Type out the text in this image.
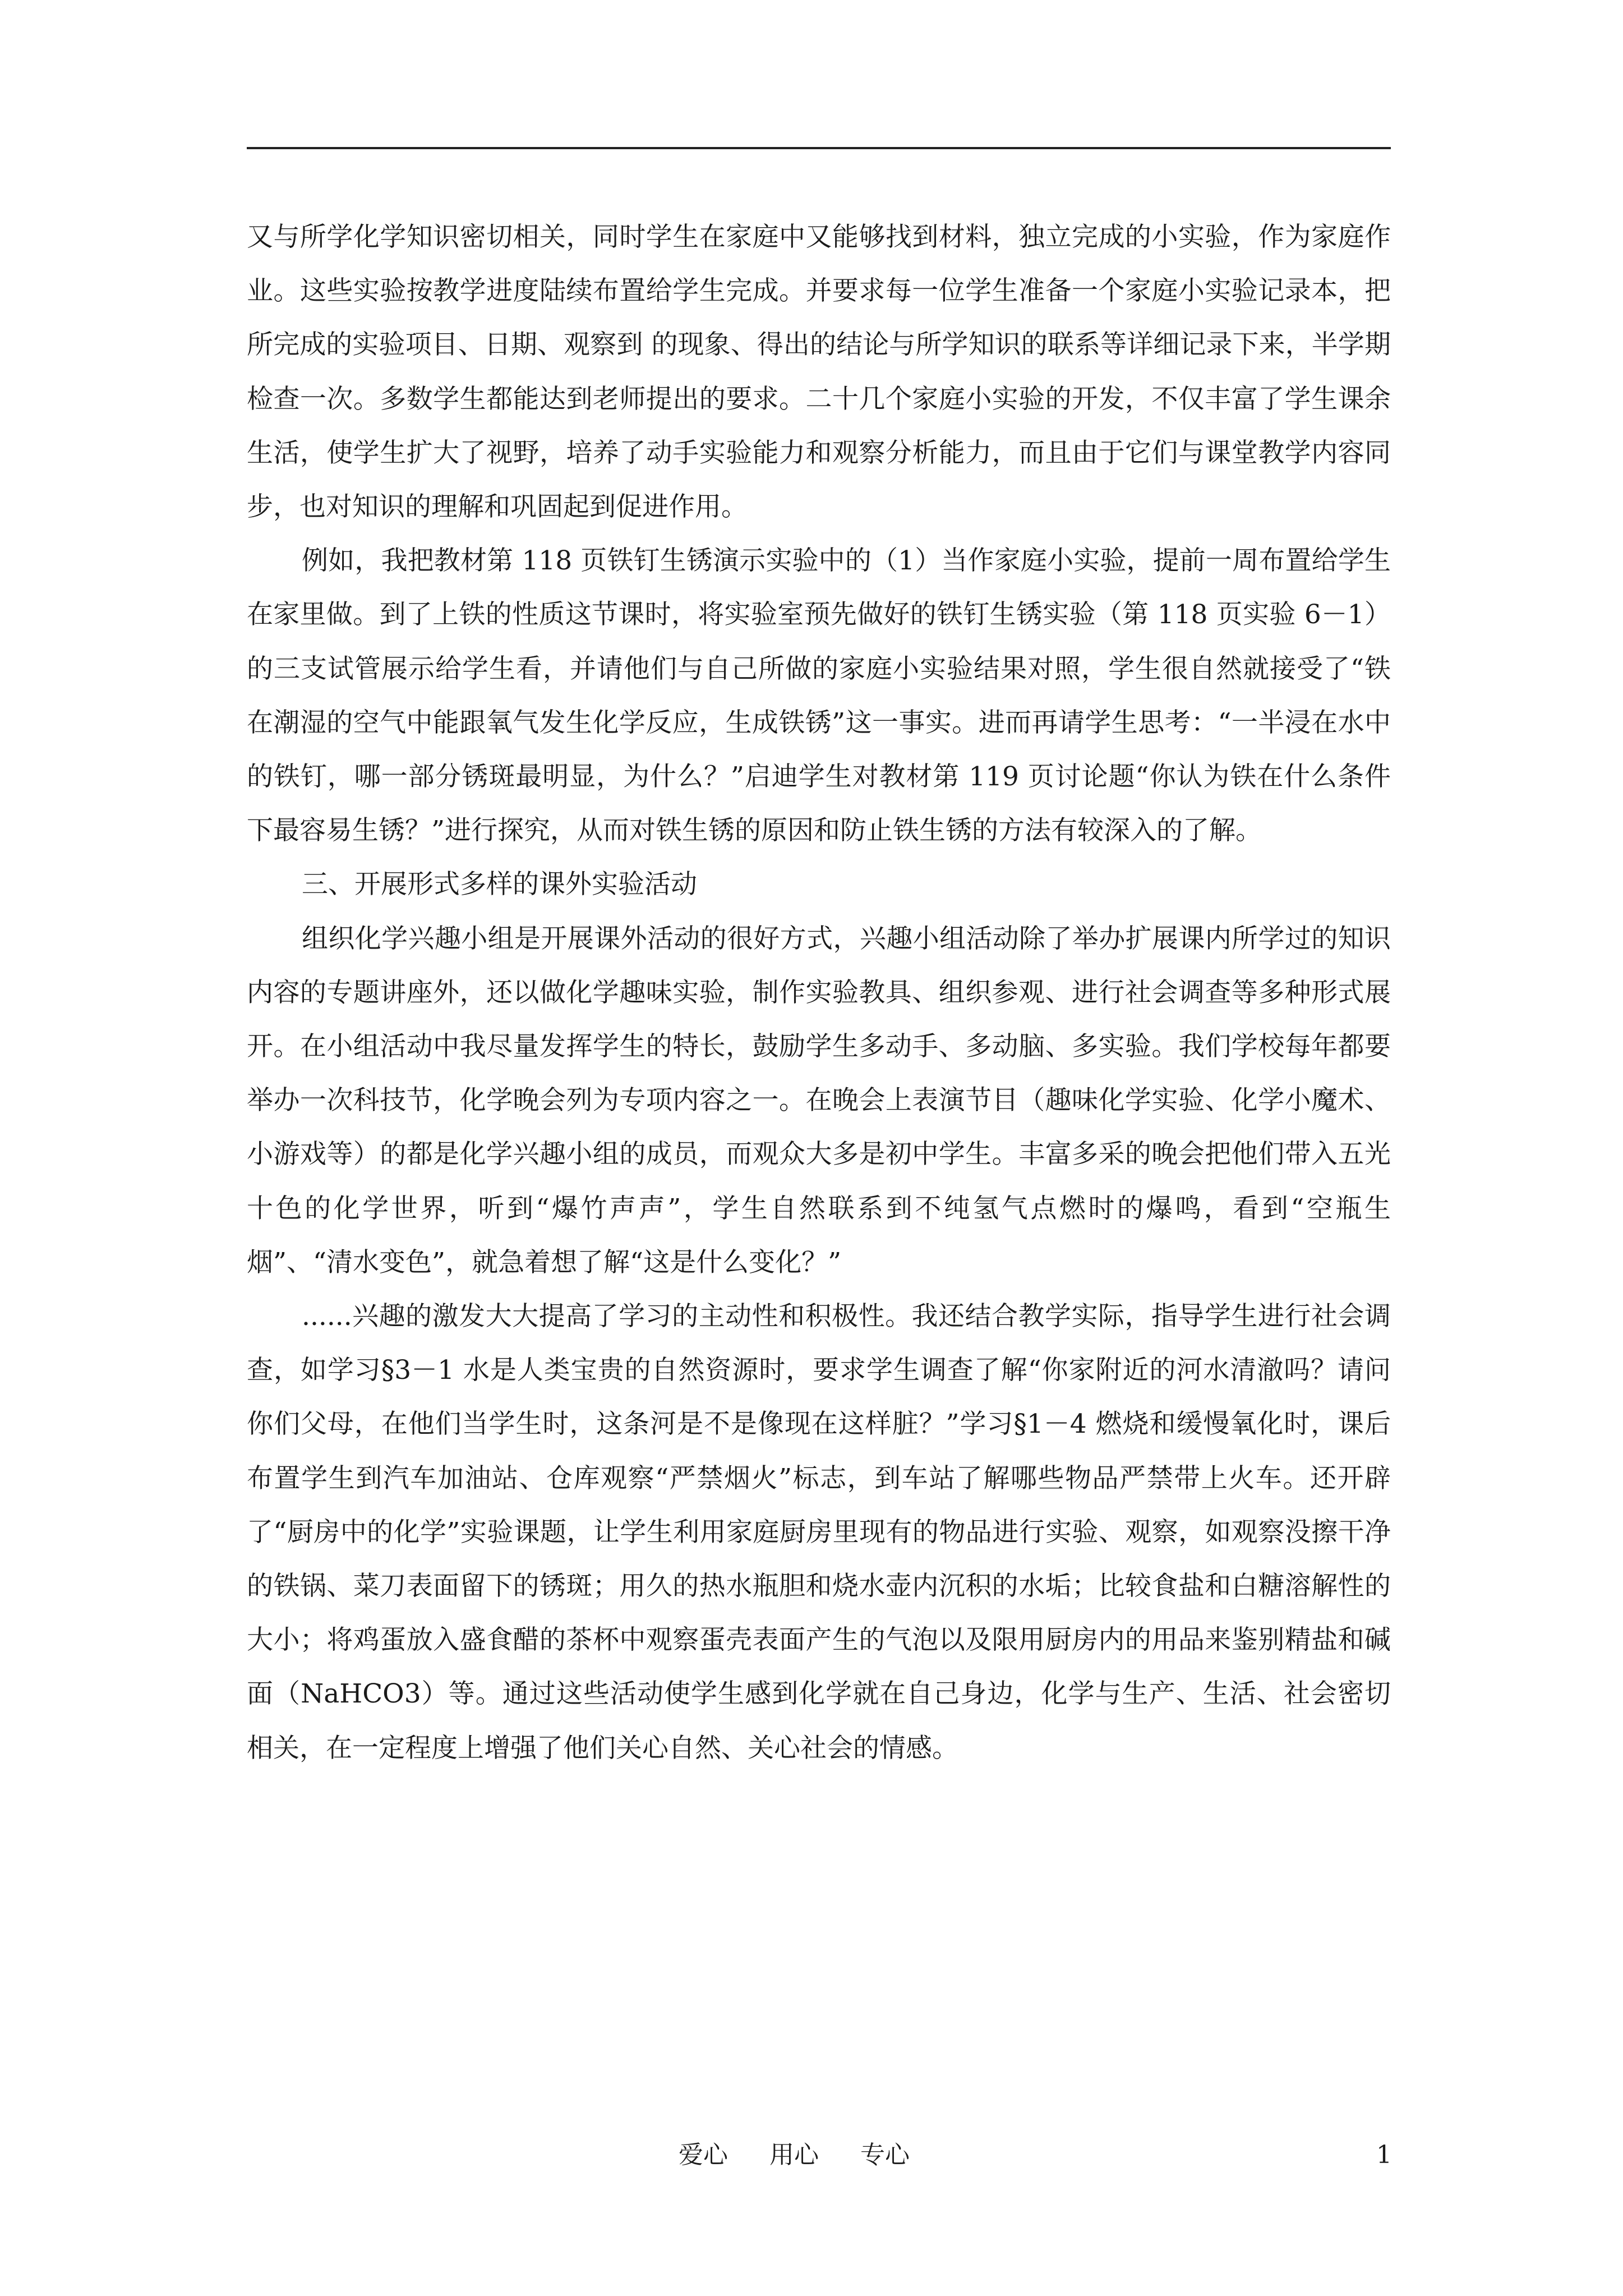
又与所学化学知识密切相关，同时学生在家庭中又能够找到材料，独立完成的小实验，作为家庭作业。这些实验按教学进度陆续布置给学生完成。并要求每一位学生准备一个家庭小实验记录本，把所完成的实验项目、日期、观察到 的现象、得出的结论与所学知识的联系等详细记录下来，半学期检查一次。多数学生都能达到老师提出的要求。二十几个家庭小实验的开发，不仅丰富了学生课余生活，使学生扩大了视野，培养了动手实验能力和观察分析能力，而且由于它们与课堂教学内容同步，也对知识的理解和巩固起到促进作用。

例如，我把教材第 118 页铁钉生锈演示实验中的（1）当作家庭小实验，提前一周布置给学生在家里做。到了上铁的性质这节课时，将实验室预先做好的铁钉生锈实验（第 118 页实验 6－1）的三支试管展示给学生看，并请他们与自己所做的家庭小实验结果对照，学生很自然就接受了“铁在潮湿的空气中能跟氧气发生化学反应，生成铁锈”这一事实。进而再请学生思考：“一半浸在水中的铁钉，哪一部分锈斑最明显，为什么？”启迪学生对教材第 119 页讨论题“你认为铁在什么条件下最容易生锈？”进行探究，从而对铁生锈的原因和防止铁生锈的方法有较深入的了解。

三、开展形式多样的课外实验活动

组织化学兴趣小组是开展课外活动的很好方式，兴趣小组活动除了举办扩展课内所学过的知识内容的专题讲座外，还以做化学趣味实验，制作实验教具、组织参观、进行社会调查等多种形式展开。在小组活动中我尽量发挥学生的特长，鼓励学生多动手、多动脑、多实验。我们学校每年都要举办一次科技节，化学晚会列为专项内容之一。在晚会上表演节目（趣味化学实验、化学小魔术、小游戏等）的都是化学兴趣小组的成员，而观众大多是初中学生。丰富多采的晚会把他们带入五光十色的化学世界，听到“爆竹声声”，学生自然联系到不纯氢气点燃时的爆鸣，看到“空瓶生烟”、“清水变色”，就急着想了解“这是什么变化？”

......兴趣的激发大大提高了学习的主动性和积极性。我还结合教学实际，指导学生进行社会调查，如学习§3－1 水是人类宝贵的自然资源时，要求学生调查了解“你家附近的河水清澈吗？请问你们父母，在他们当学生时，这条河是不是像现在这样脏？”学习§1－4 燃烧和缓慢氧化时，课后布置学生到汽车加油站、仓库观察“严禁烟火”标志，到车站了解哪些物品严禁带上火车。还开辟了“厨房中的化学”实验课题，让学生利用家庭厨房里现有的物品进行实验、观察，如观察没擦干净的铁锅、菜刀表面留下的锈斑；用久的热水瓶胆和烧水壶内沉积的水垢；比较食盐和白糖溶解性的大小；将鸡蛋放入盛食醋的茶杯中观察蛋壳表面产生的气泡以及限用厨房内的用品来鉴别精盐和碱面（NaHCO3）等。通过这些活动使学生感到化学就在自己身边，化学与生产、生活、社会密切相关，在一定程度上增强了他们关心自然、关心社会的情感。

爱心 用心 专心	1
